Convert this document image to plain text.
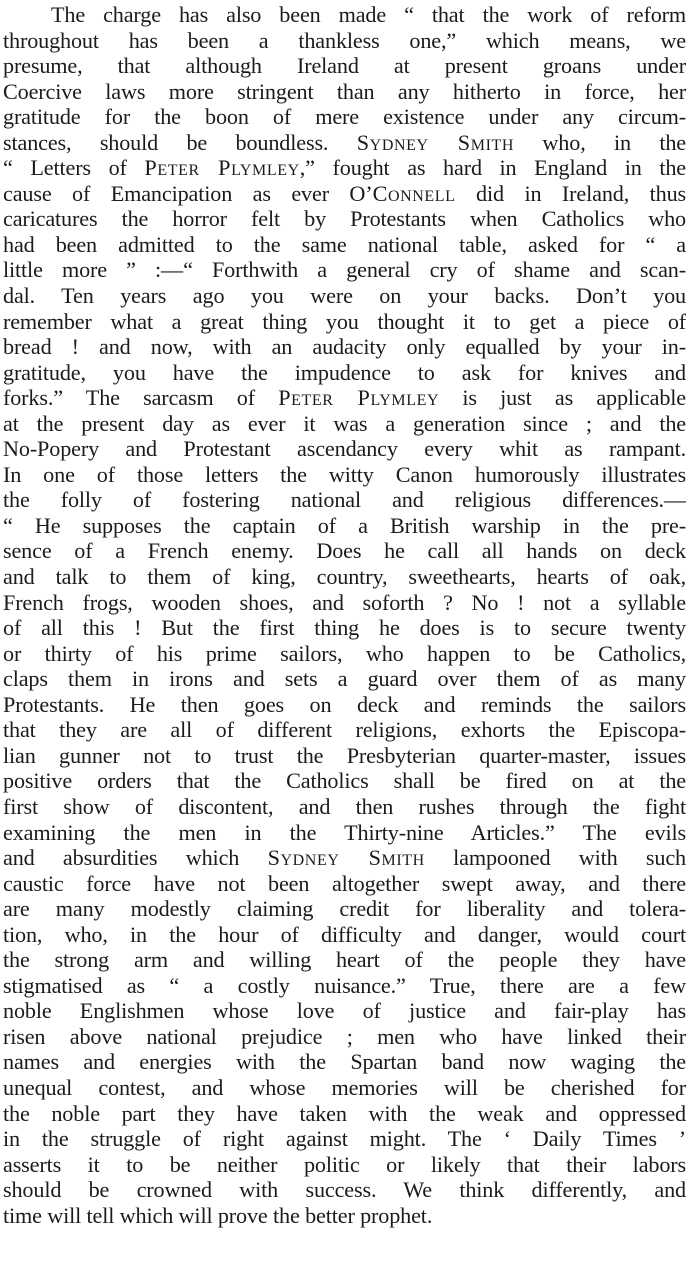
The charge has also been made “ that the work of reform
throughout has been a thankless one,” which means, we
presume, that although Ireland at present groans under
Coercive laws more stringent than any hitherto in force, her
gratitude for the boon of mere existence under any circum-
stances, should be boundless. Sydney Smith who, in the
“ Letters of Peter Plymley,” fought as hard in England in the
cause of Emancipation as ever O’Connell did in Ireland, thus
caricatures the horror felt by Protestants when Catholics who
had been admitted to the same national table, asked for “ a
little more ” :—“ Forthwith a general cry of shame and scan-
dal. Ten years ago you were on your backs. Don’t you
remember what a great thing you thought it to get a piece of
bread ! and now, with an audacity only equalled by your in-
gratitude, you have the impudence to ask for knives and
forks.” The sarcasm of Peter Plymley is just as applicable
at the present day as ever it was a generation since ; and the
No-Popery and Protestant ascendancy every whit as rampant.
In one of those letters the witty Canon humorously illustrates
the folly of fostering national and religious differences.—
“ He supposes the captain of a British warship in the pre-
sence of a French enemy. Does he call all hands on deck
and talk to them of king, country, sweethearts, hearts of oak,
French frogs, wooden shoes, and soforth ? No ! not a syllable
of all this ! But the first thing he does is to secure twenty
or thirty of his prime sailors, who happen to be Catholics,
claps them in irons and sets a guard over them of as many
Protestants. He then goes on deck and reminds the sailors
that they are all of different religions, exhorts the Episcopa-
lian gunner not to trust the Presbyterian quarter-master, issues
positive orders that the Catholics shall be fired on at the
first show of discontent, and then rushes through the fight
examining the men in the Thirty-nine Articles.” The evils
and absurdities which Sydney Smith lampooned with such
caustic force have not been altogether swept away, and there
are many modestly claiming credit for liberality and tolera-
tion, who, in the hour of difficulty and danger, would court
the strong arm and willing heart of the people they have
stigmatised as “ a costly nuisance.” True, there are a few
noble Englishmen whose love of justice and fair-play has
risen above national prejudice ; men who have linked their
names and energies with the Spartan band now waging the
unequal contest, and whose memories will be cherished for
the noble part they have taken with the weak and oppressed
in the struggle of right against might. The ‘ Daily Times ’
asserts it to be neither politic or likely that their labors
should be crowned with success. We think differently, and
time will tell which will prove the better prophet.
